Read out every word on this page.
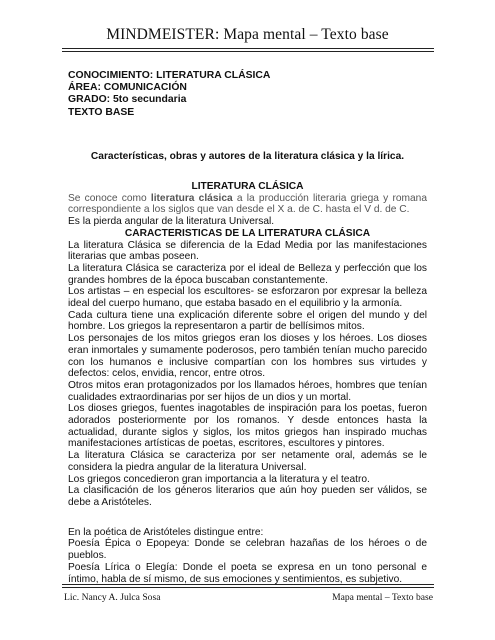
MINDMEISTER: Mapa mental – Texto base
CONOCIMIENTO: LITERATURA CLÁSICA
ÁREA: COMUNICACIÓN
GRADO: 5to secundaria
TEXTO BASE
Características, obras y autores de la literatura clásica y la lírica.
LITERATURA CLÁSICA
Se conoce como literatura clásica a la producción literaria griega y romana correspondiente a los siglos que van desde el X a. de C. hasta el V d. de C.
Es la pierda angular de la literatura Universal.
CARACTERISTICAS DE LA LITERATURA CLÁSICA
La literatura Clásica se diferencia de la Edad Media por las manifestaciones literarias que ambas poseen.
La literatura Clásica se caracteriza por el ideal de Belleza y perfección que los grandes hombres de la época buscaban constantemente.
Los artistas – en especial los escultores- se esforzaron por expresar la belleza ideal del cuerpo humano, que estaba basado en el equilibrio y la armonía.
Cada cultura tiene una explicación diferente sobre el origen del mundo y del hombre. Los griegos la representaron a partir de bellísimos mitos.
Los personajes de los mitos griegos eran los dioses y los héroes. Los dioses eran inmortales y sumamente poderosos, pero también tenían mucho parecido con los humanos e inclusive compartían con los hombres sus virtudes y defectos: celos, envidia, rencor, entre otros.
Otros mitos eran protagonizados por los llamados héroes, hombres que tenían cualidades extraordinarias por ser hijos de un dios y un mortal.
Los dioses griegos, fuentes inagotables de inspiración para los poetas, fueron adorados posteriormente por los romanos. Y desde entonces hasta la actualidad, durante siglos y siglos, los mitos griegos han inspirado muchas manifestaciones artísticas de poetas, escritores, escultores y pintores.
La literatura Clásica se caracteriza por ser netamente oral, además se le considera la piedra angular de la literatura Universal.
Los griegos concedieron gran importancia a la literatura y el teatro.
La clasificación de los géneros literarios que aún hoy pueden ser válidos, se debe a Aristóteles.
En la poética de Aristóteles distingue entre:
Poesía Épica o Epopeya: Donde se celebran hazañas de los héroes o de pueblos.
Poesía Lírica o Elegía: Donde el poeta se expresa en un tono personal e íntimo, habla de sí mismo, de sus emociones y sentimientos, es subjetivo.
Lic. Nancy A. Julca Sosa	Mapa mental – Texto base
